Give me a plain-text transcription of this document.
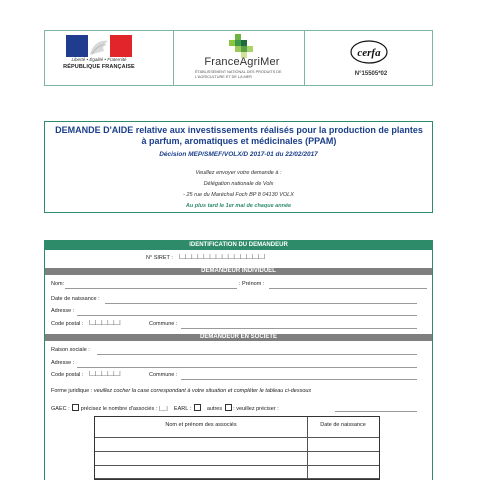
Liberté • Égalité • Fraternité
RÉPUBLIQUE FRANÇAISE	FranceAgriMer
ÉTABLISSEMENT NATIONAL DES PRODUITS DE L'AGRICULTURE ET DE LA MER
cerfa
N°15505*02
DEMANDE D'AIDE relative aux investissements réalisés pour la production de plantes à parfum, aromatiques et médicinales (PPAM)
Décision MEP/SMEF/VOLX/D 2017-01 du 22/02/2017
Veuillez envoyer votre demande à :
Délégation nationale de Volx
- 25 rue du Maréchal Foch BP 8 04130 VOLX
Au plus tard le 1er mai de chaque année
IDENTIFICATION DU DEMANDEUR
N° SIRET : |__|__|__|__|__|__|__|__|__|__|__|__|__|__|
DEMANDEUR INDIVIDUEL
Nom:	: Prénom :
Date de naissance :
Adresse :
Code postal : |__|__|__|__|__|	Commune :
DEMANDEUR EN SOCIÉTÉ
Raison sociale :
Adresse :
Code postal : |__|__|__|__|__|	Commune :
Forme juridique : veuillez cocher la case correspondant à votre situation et compléter le tableau ci-dessous
GAEC : précisez le nombre d'associés : |__| EARL :	autres : veuillez préciser :
Nom et prénom des associés	Date de naissance
